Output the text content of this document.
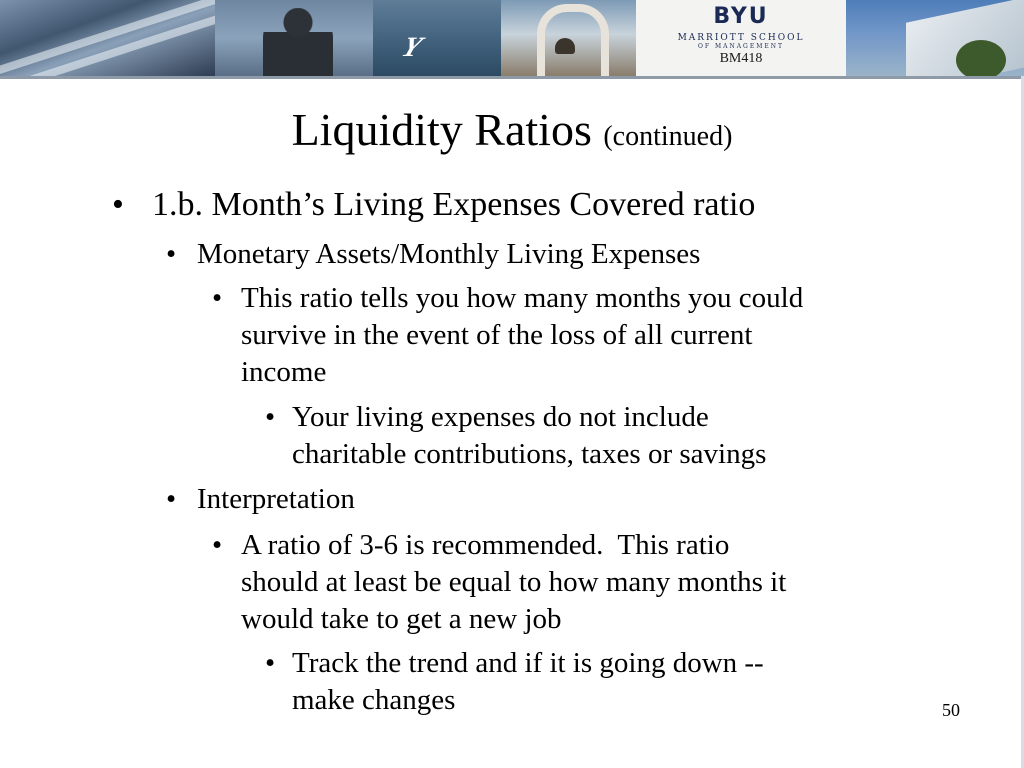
Y
BYU
MARRIOTT SCHOOL
OF MANAGEMENT
BM418
Liquidity Ratios (continued)
• 1.b. Month’s Living Expenses Covered ratio
• Monetary Assets/Monthly Living Expenses
• This ratio tells you how many months you could
survive in the event of the loss of all current
income
• Your living expenses do not include
charitable contributions, taxes or savings
• Interpretation
• A ratio of 3-6 is recommended.  This ratio
should at least be equal to how many months it
would take to get a new job
• Track the trend and if it is going down --
make changes	50
